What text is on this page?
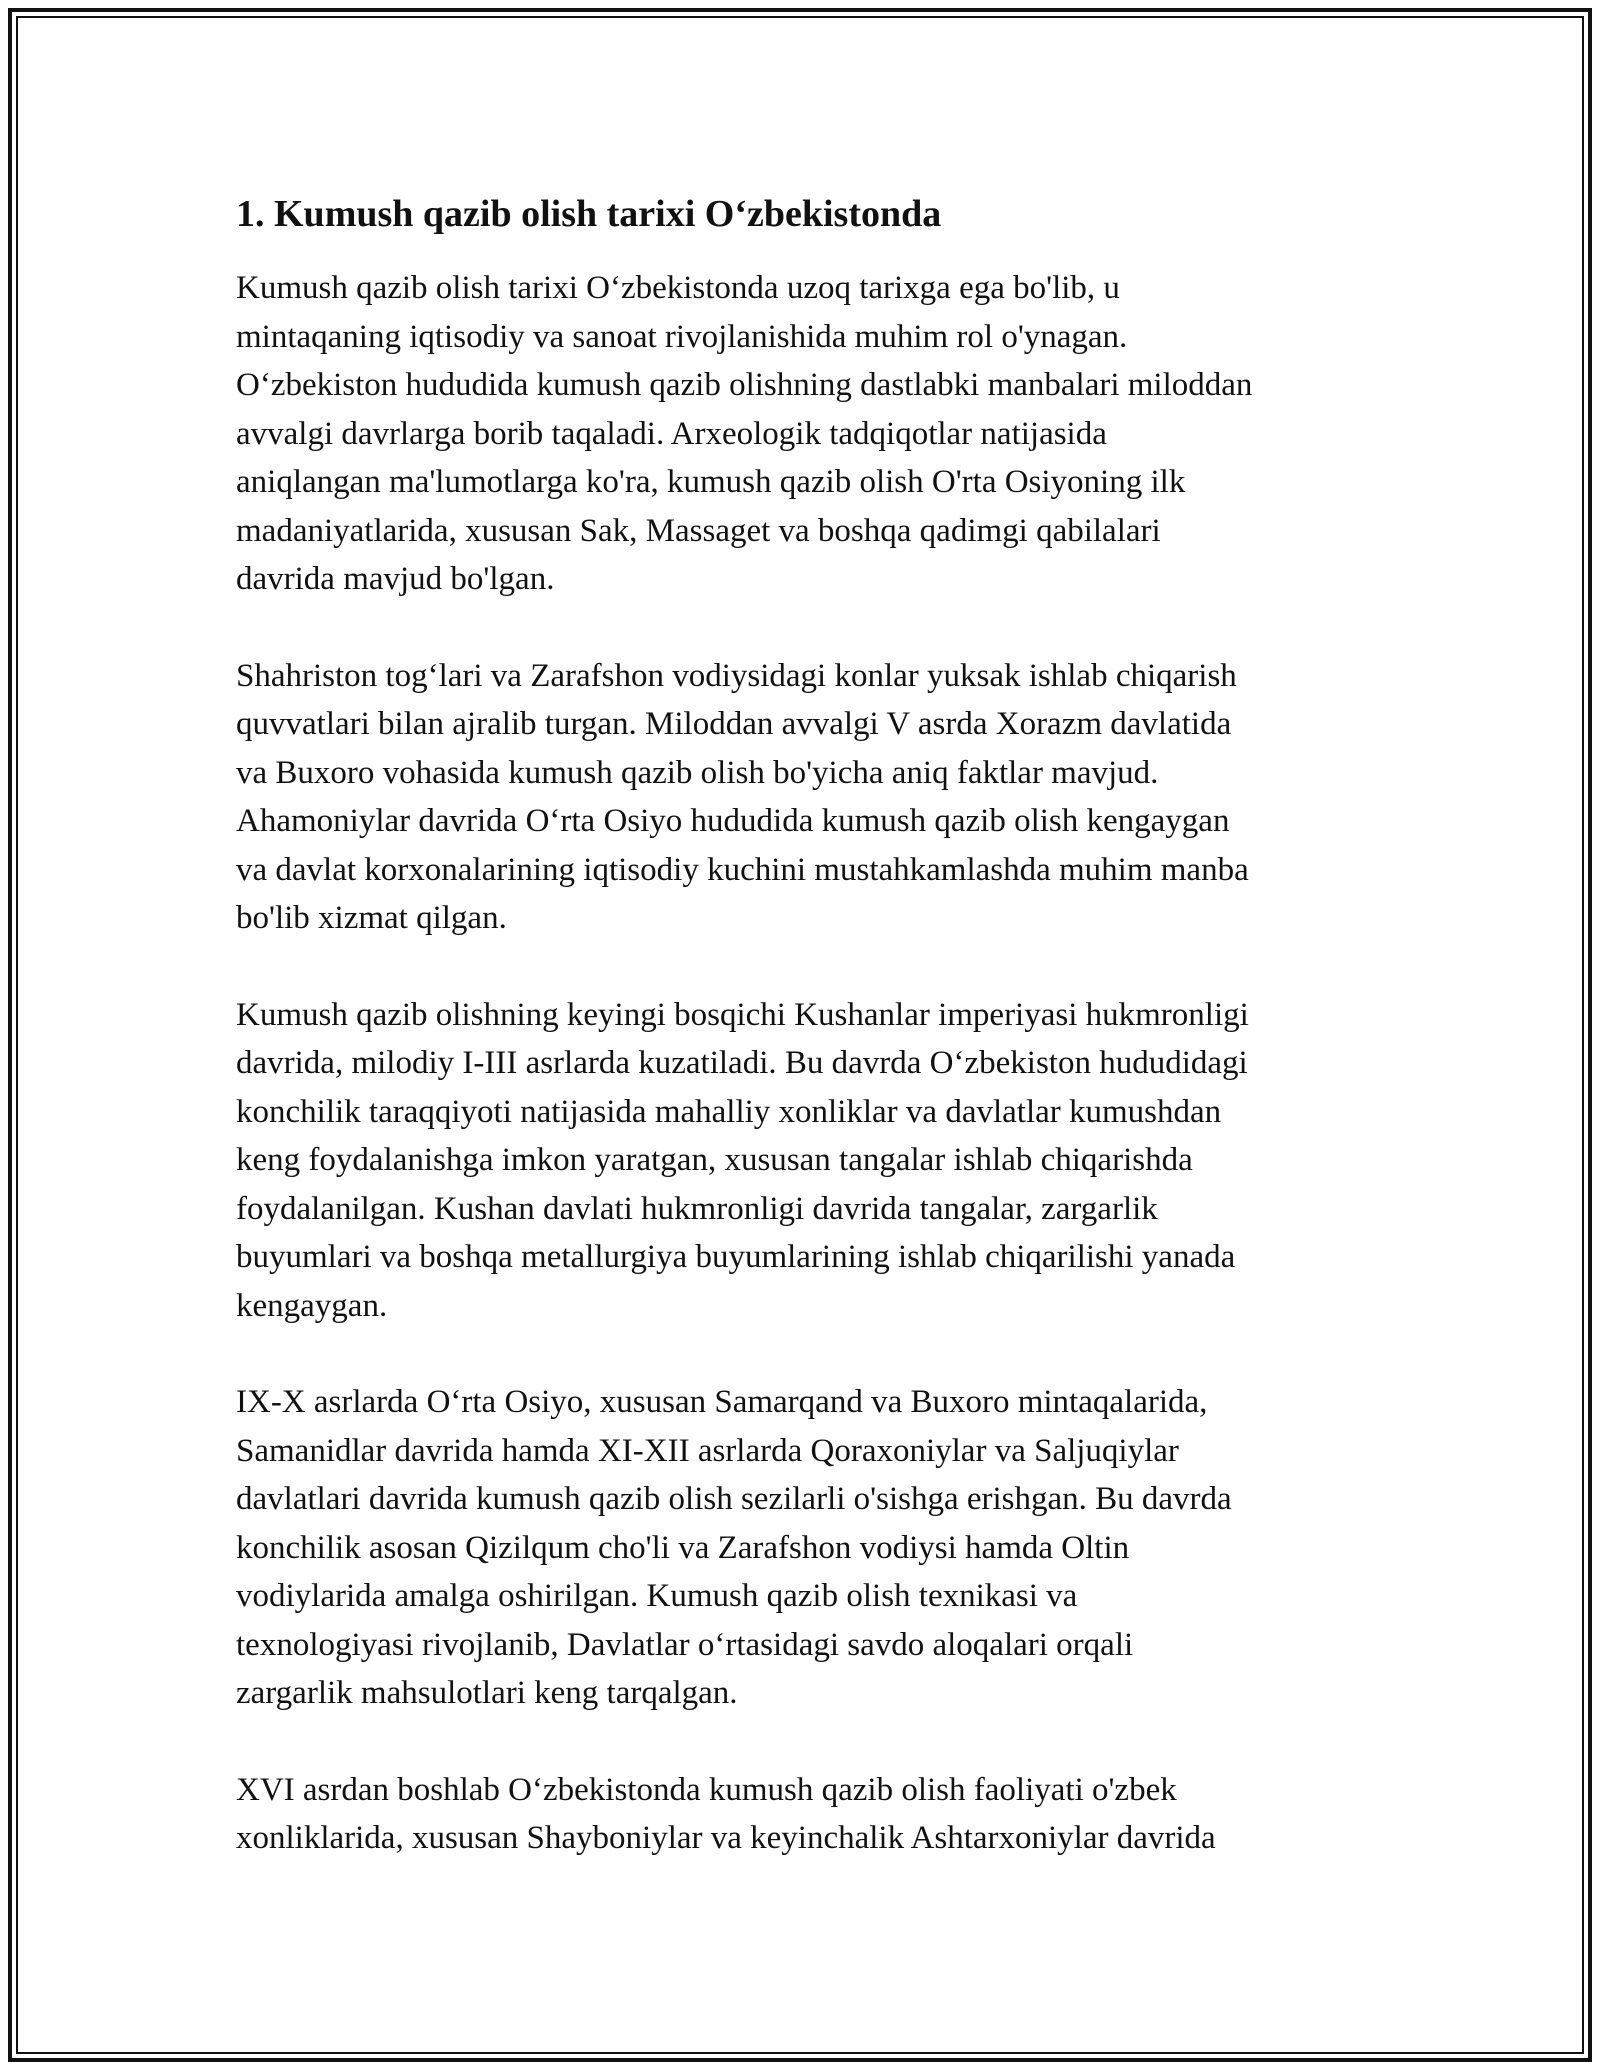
1. Kumush qazib olish tarixi O‘zbekistonda

Kumush qazib olish tarixi O‘zbekistonda uzoq tarixga ega bo'lib, u
mintaqaning iqtisodiy va sanoat rivojlanishida muhim rol o'ynagan.
O‘zbekiston hududida kumush qazib olishning dastlabki manbalari miloddan
avvalgi davrlarga borib taqaladi. Arxeologik tadqiqotlar natijasida
aniqlangan ma'lumotlarga ko'ra, kumush qazib olish O'rta Osiyoning ilk
madaniyatlarida, xususan Sak, Massaget va boshqa qadimgi qabilalari
davrida mavjud bo'lgan.

Shahriston tog‘lari va Zarafshon vodiysidagi konlar yuksak ishlab chiqarish
quvvatlari bilan ajralib turgan. Miloddan avvalgi V asrda Xorazm davlatida
va Buxoro vohasida kumush qazib olish bo'yicha aniq faktlar mavjud.
Ahamoniylar davrida O‘rta Osiyo hududida kumush qazib olish kengaygan
va davlat korxonalarining iqtisodiy kuchini mustahkamlashda muhim manba
bo'lib xizmat qilgan.

Kumush qazib olishning keyingi bosqichi Kushanlar imperiyasi hukmronligi
davrida, milodiy I-III asrlarda kuzatiladi. Bu davrda O‘zbekiston hududidagi
konchilik taraqqiyoti natijasida mahalliy xonliklar va davlatlar kumushdan
keng foydalanishga imkon yaratgan, xususan tangalar ishlab chiqarishda
foydalanilgan. Kushan davlati hukmronligi davrida tangalar, zargarlik
buyumlari va boshqa metallurgiya buyumlarining ishlab chiqarilishi yanada
kengaygan.

IX-X asrlarda O‘rta Osiyo, xususan Samarqand va Buxoro mintaqalarida,
Samanidlar davrida hamda XI-XII asrlarda Qoraxoniylar va Saljuqiylar
davlatlari davrida kumush qazib olish sezilarli o'sishga erishgan. Bu davrda
konchilik asosan Qizilqum cho'li va Zarafshon vodiysi hamda Oltin
vodiylarida amalga oshirilgan. Kumush qazib olish texnikasi va
texnologiyasi rivojlanib, Davlatlar o‘rtasidagi savdo aloqalari orqali
zargarlik mahsulotlari keng tarqalgan.

XVI asrdan boshlab O‘zbekistonda kumush qazib olish faoliyati o'zbek
xonliklarida, xususan Shayboniylar va keyinchalik Ashtarxoniylar davrida
